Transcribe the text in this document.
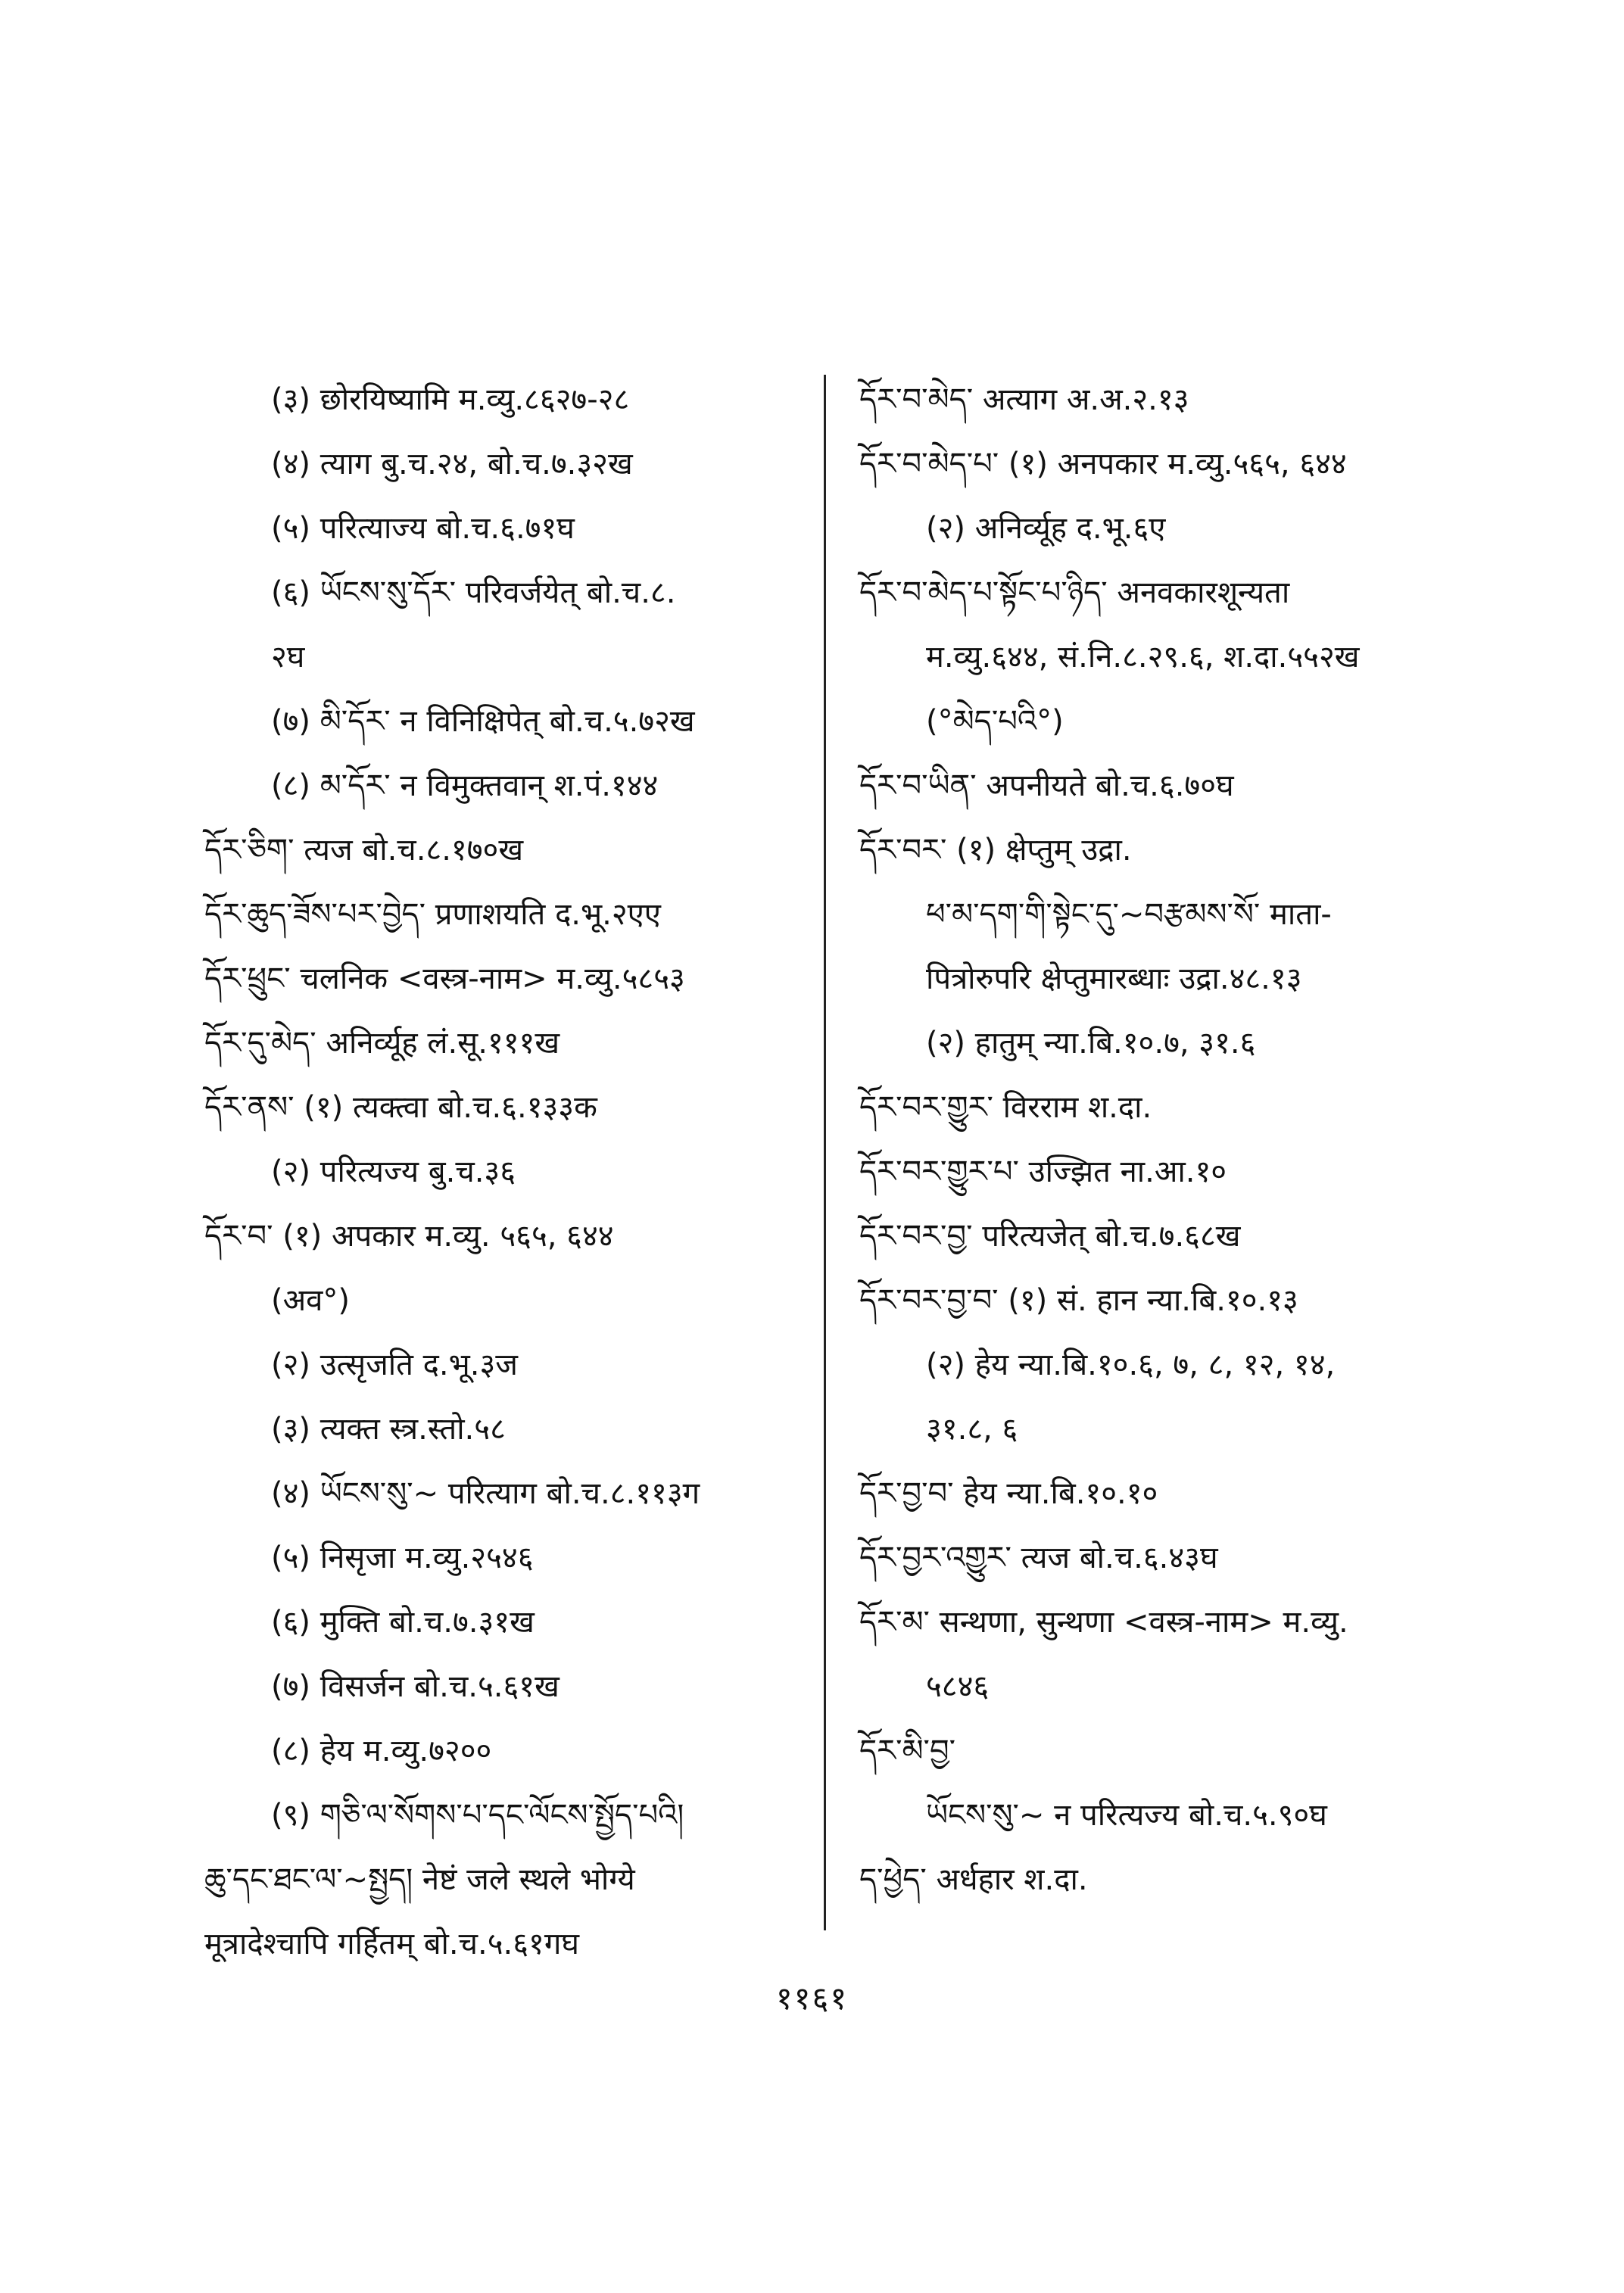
(३) छोरयिष्यामि म.व्यु.८६२७-२८
(४) त्याग बु.च.२४, बो.च.७.३२ख
(५) परित्याज्य बो.च.६.७१घ
(६) ཡོངས་སུ་དོར་ परिवर्जयेत् बो.च.८.
२घ
(७) མི་དོར་ न विनिक्षिपेत् बो.च.५.७२ख
(८) མ་དོར་ न विमुक्तवान् श.पं.१४४
དོར་ཅིག་ त्यज बो.च.८.१७०ख
དོར་ཆུད་ཟོས་པར་བྱེད་ प्रणाशयति द.भू.२एए
དོར་ཕྲུང་ चलनिक <वस्त्र-नाम> म.व्यु.५८५३
དོར་དུ་མེད་ अनिर्व्यूह लं.सू.१११ख
དོར་ནས་ (१) त्यक्त्वा बो.च.६.१३३क
(२) परित्यज्य बु.च.३६
དོར་བ་ (१) अपकार म.व्यु. ५६५, ६४४
(अव°)
(२) उत्सृजति द.भू.३ज
(३) त्यक्त स्त्र.स्तो.५८
(४) ཡོངས་སུ་~ परित्याग बो.च.८.११३ग
(५) निसृजा म.व्यु.२५४६
(६) मुक्ति बो.च.७.३१ख
(७) विसर्जन बो.च.५.६१ख
(८) हेय म.व्यु.७२००
(९) གཅི་ལ་སོགས་པ་དང་ལོངས་སྤྱོད་པའི།
ཆུ་དང་ཐང་ལ་~སྤྱད། नेष्टं जले स्थले भोग्ये
मूत्रादेश्चापि गर्हितम् बो.च.५.६१गघ
དོར་བ་མེད་ अत्याग अ.अ.२.१३
དོར་བ་མེད་པ་ (१) अनपकार म.व्यु.५६५, ६४४
(२) अनिर्व्यूह द.भू.६ए
དོར་བ་མེད་པ་སྟོང་པ་ཉིད་ अनवकारशून्यता
म.व्यु.६४४, सं.नि.८.२९.६, श.दा.५५२ख
(°མེད་པའི°)
དོར་བ་ཡིན་ अपनीयते बो.च.६.७०घ
དོར་བར་ (१) क्षेप्तुम् उद्रा.
ཕ་མ་དག་གི་སྟེང་དུ་~བརྩམས་སོ་ माता-
पित्रोरुपरि क्षेप्तुमारब्धाः उद्रा.४८.१३
(२) हातुम् न्या.बि.१०.७, ३१.६
དོར་བར་གྱུར་ विरराम श.दा.
དོར་བར་གྱུར་པ་ उज्झित ना.आ.१०
དོར་བར་བྱ་ परित्यजेत् बो.च.७.६८ख
དོར་བར་བྱ་བ་ (१) सं. हान न्या.बि.१०.१३
(२) हेय न्या.बि.१०.६, ७, ८, १२, १४,
३१.८, ६
དོར་བྱ་བ་ हेय न्या.बि.१०.१०
དོར་བྱར་འགྱུར་ त्यज बो.च.६.४३घ
དོར་མ་ सन्थणा, सुन्थणा <वस्त्र-नाम> म.व्यु.
५८४६
དོར་མི་བྱ་
ཡོངས་སུ་~ न परित्यज्य बो.च.५.९०घ
ད་ཕྱེད་ अर्धहार श.दा.
११६१
